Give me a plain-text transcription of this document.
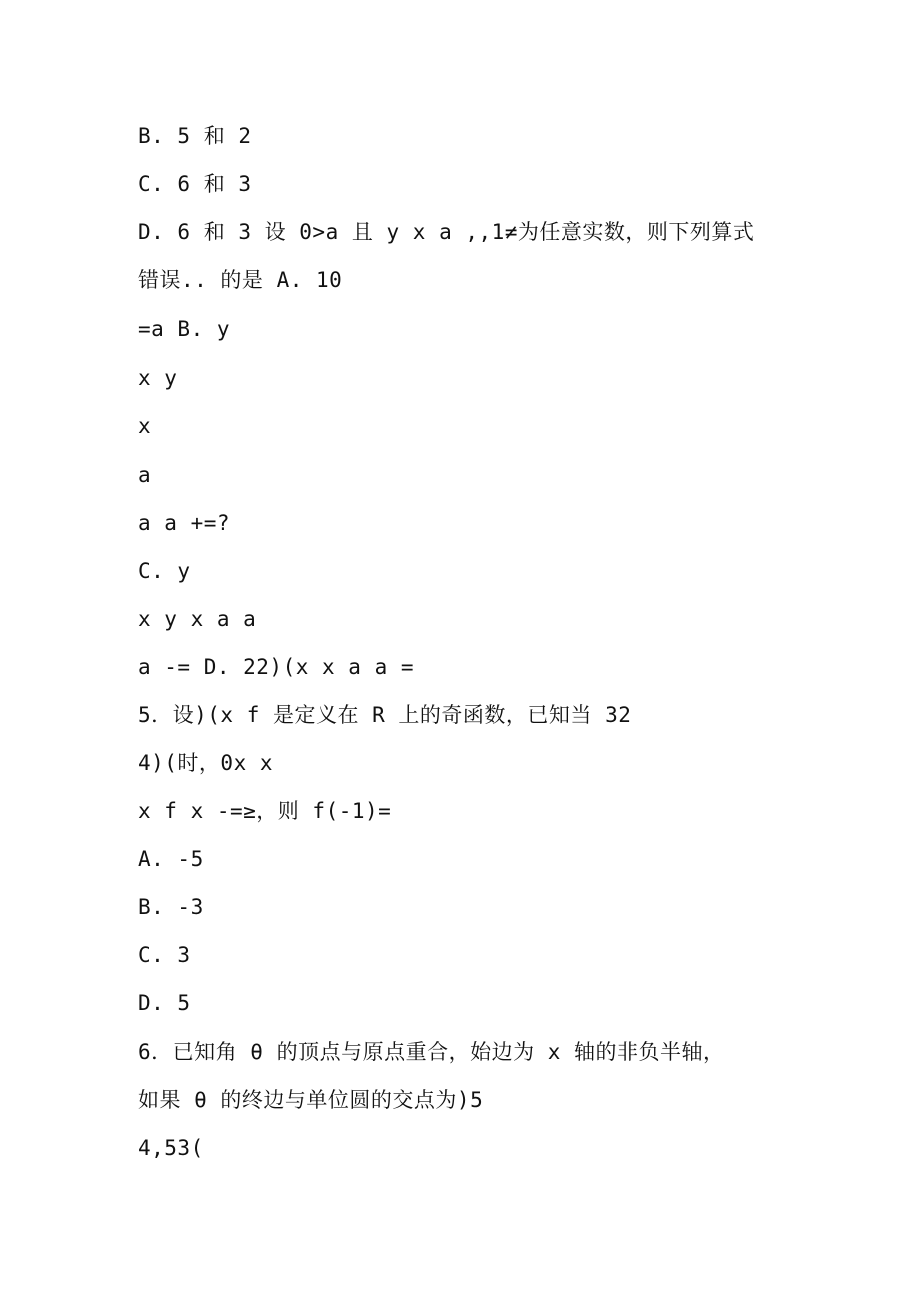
B. 5 和 2
C. 6 和 3
D. 6 和 3 设 0>a 且 y x a ,,1≠为任意实数，则下列算式
错误.. 的是 A. 10
=a B. y
x y
x
a
a a +=?
C. y
x y x a a
a -= D. 22)(x x a a =
5．设)(x f 是定义在 R 上的奇函数，已知当 32
4)(时，0x x
x f x -=≥，则 f(-1)=
A. -5
B. -3
C. 3
D. 5
6．已知角 θ 的顶点与原点重合，始边为 x 轴的非负半轴，
如果 θ 的终边与单位圆的交点为)5
4,53(
